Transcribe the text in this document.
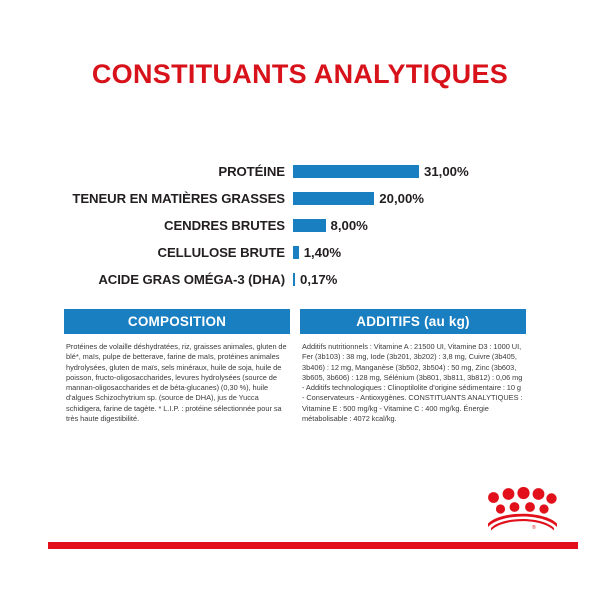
CONSTITUANTS ANALYTIQUES
PROTÉINE	31,00%
TENEUR EN MATIÈRES GRASSES	20,00%
CENDRES BRUTES	8,00%
CELLULOSE BRUTE	1,40%
ACIDE GRAS OMÉGA-3 (DHA)	0,17%
COMPOSITION

Protéines de volaille déshydratées, riz, graisses animales, gluten de blé*, maïs, pulpe de betterave, farine de maïs, protéines animales hydrolysées, gluten de maïs, sels minéraux, huile de soja, huile de poisson, fructo-oligosaccharides, levures hydrolysées (source de mannan-oligosaccharides et de béta-glucanes) (0,30 %), huile d'algues Schizochytrium sp. (source de DHA), jus de Yucca schidigera, farine de tagète. * L.I.P. : protéine sélectionnée pour sa très haute digestibilité.

ADDITIFS (au kg)

Additifs nutritionnels : Vitamine A : 21500 UI, Vitamine D3 : 1000 UI, Fer (3b103) : 38 mg, Iode (3b201, 3b202) : 3,8 mg, Cuivre (3b405, 3b406) : 12 mg, Manganèse (3b502, 3b504) : 50 mg, Zinc (3b603, 3b605, 3b606) : 128 mg, Sélénium (3b801, 3b811, 3b812) : 0,06 mg - Additifs technologiques : Clinoptilolite d'origine sédimentaire : 10 g - Conservateurs - Antioxygènes. CONSTITUANTS ANALYTIQUES : Vitamine E : 500 mg/kg - Vitamine C : 400 mg/kg. Énergie métabolisable : 4072 kcal/kg.

®
